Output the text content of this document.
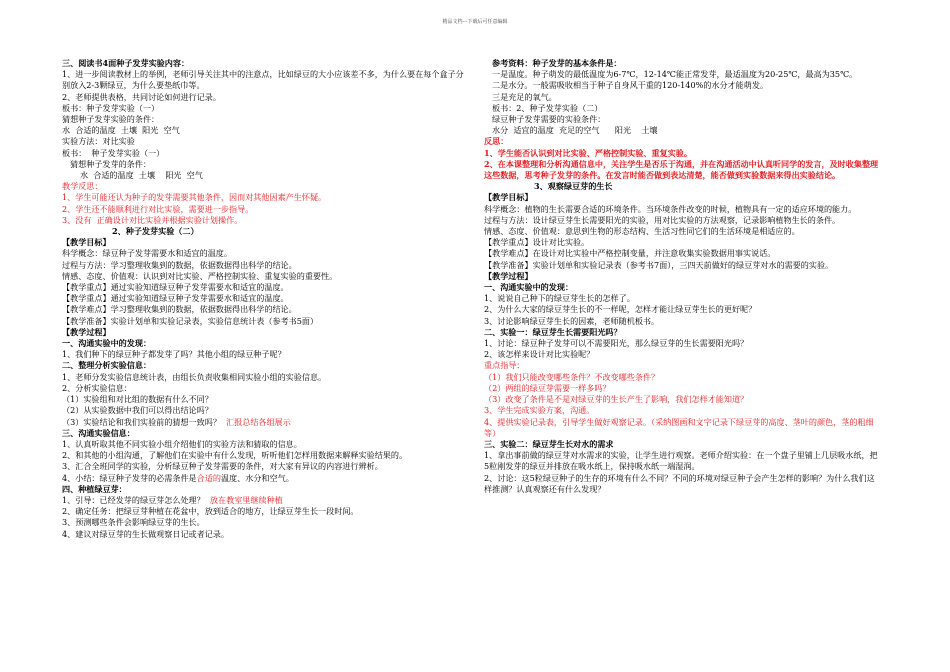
精品文档---下载后可任意编辑

三、阅读书4面种子发芽实验内容：

1、进一步阅读教材上的举例，老师引导关注其中的注意点，比如绿豆的大小应该差不多，为什么要在每个盒子分别放入2-3颗绿豆，为什么要垫纸巾等。

2、老师提供表格，共同讨论如何进行记录。

板书：种子发芽实验（一）

猜想种子发芽实验的条件：

水  合适的温度  土壤  阳光  空气

实验方法：对比实验

板书：  种子发芽实验（一）

猜想种子发芽的条件：

水  合适的温度  土壤    阳光  空气

教学反思：

1、学生可能还认为种子的发芽需要其他条件，因而对其他因素产生怀疑。

2、学生还不能顺利进行对比实验，需要进一步指导。

3、没有  正确设计对比实验并根据实验计划操作。

2、种子发芽实验（二）

【教学目标】

科学概念：绿豆种子发芽需要水和适宜的温度。

过程与方法：学习整理收集到的数据，依据数据得出科学的结论。

情感、态度、价值观：认识到对比实验、严格控制实验、重复实验的重要性。

【教学重点】通过实验知道绿豆种子发芽需要水和适宜的温度。

【教学重点】通过实验知道绿豆种子发芽需要水和适宜的温度。

【教学难点】学习整理收集到的数据，依据数据得出科学的结论。

【教学准备】实验计划单和实验记录表，实验信息统计表（参考书5面）

【教学过程】

一、沟通实验中的发现：

1、我们种下的绿豆种子都发芽了吗？其他小组的绿豆种子呢？

二、整理分析实验信息：

1、老师分发实验信息统计表，由组长负责收集相同实验小组的实验信息。

2、分析实验信息：

（1）实验组和对比组的数据有什么不同？

（2）从实验数据中我们可以得出结论吗？

（3）实验结论和我们实验前的猜想一致吗？ 汇报总结各组展示

三、沟通实验信息：

1、认真听取其他不同实验小组介绍他们的实验方法和猜取的信息。

2、和其他的小组沟通，了解他们在实验中有什么发现，听听他们怎样用数据来解释实验结果的。

3、汇合全班同学的实验，分析绿豆种子发芽需要的条件，对大家有异议的内容进行辨析。

4、小结：绿豆种子发芽的必需条件是合适的温度、水分和空气。

四、种植绿豆芽：

1、引导：已经发芽的绿豆芽怎么处理？ 放在教室里继续种植

2、确定任务：把绿豆芽种植在花盆中，放到适合的地方，让绿豆芽生长一段时间。

3、预测哪些条件会影响绿豆芽的生长。

4、建议对绿豆芽的生长做观察日记或者记录。

参考资料：种子发芽的基本条件是：

一是温度。种子萌发的最低温度为6-7℃，12-14℃能正常发芽，最适温度为20-25℃，最高为35℃。

二是水分。一般需吸收相当于种子自身风干重的120-140%的水分才能萌发。

三是充足的氧气。

板书：2、种子发芽实验（二）

绿豆种子发芽需要的实验条件：

水分  适宜的温度  充足的空气      阳光    土壤

反思：

1、学生能否认识到对比实验、严格控制实验、重复实验。

2、在本课整理和分析沟通信息中，关注学生是否乐于沟通，并在沟通活动中认真听同学的发言，及时收集整理这些数据，思考种子发芽的条件。在发言时能否做到表达清楚，能否做到实验数据来得出实验结论。

3、观察绿豆芽的生长

【教学目标】

科学概念：植物的生长需要合适的环境条件。当环境条件改变的时候，植物具有一定的适应环境的能力。

过程与方法：设计绿豆芽生长需要阳光的实验，用对比实验的方法观察，记录影响植物生长的条件。

情感、态度、价值观：意思到生物的形态结构、生活习性同它们的生活环境是相适应的。

【教学重点】设计对比实验。

【教学难点】在设计对比实验中严格控制变量，并注意收集实验数据用事实说话。

【教学准备】实验计划单和实验记录表（参考书7面），三四天前做好的绿豆芽对水的需要的实验。

【教学过程】

一、沟通实验中的发现：

1、说说自己种下的绿豆芽生长的怎样了。

2、为什么大家的绿豆芽生长的不一样呢，怎样才能让绿豆芽生长的更好呢？

3、讨论影响绿豆芽生长的因素，老师随机板书。

二、实验一：绿豆芽生长需要阳光吗？

1、讨论：绿豆种子发芽可以不需要阳光，那么绿豆芽的生长需要阳光吗？

2、该怎样来设计对比实验呢？

重点指导：

（1）我们只能改变哪些条件？不改变哪些条件？

（2）两组的绿豆芽需要一样多吗？

（3）改变了条件是不是对绿豆芽的生长产生了影响，我们怎样才能知道？

3、学生完成实验方案，沟通。

4、提供实验记录表，引导学生做好观察记录。（采纳图画和文字记录下绿豆芽的高度、茎叶的颜色，茎的粗细等）

三、实验二：绿豆芽生长对水的需求

1、拿出事前做的绿豆芽对水需求的实验，让学生进行观察。老师介绍实验：在一个盘子里铺上几层吸水纸，把5粒刚发芽的绿豆并排放在吸水纸上，保持吸水纸一端湿润。

2、讨论：这5粒绿豆种子的生存的环境有什么不同？不同的环境对绿豆种子会产生怎样的影响？为什么我们这样推测？认真观察还有什么发现？
